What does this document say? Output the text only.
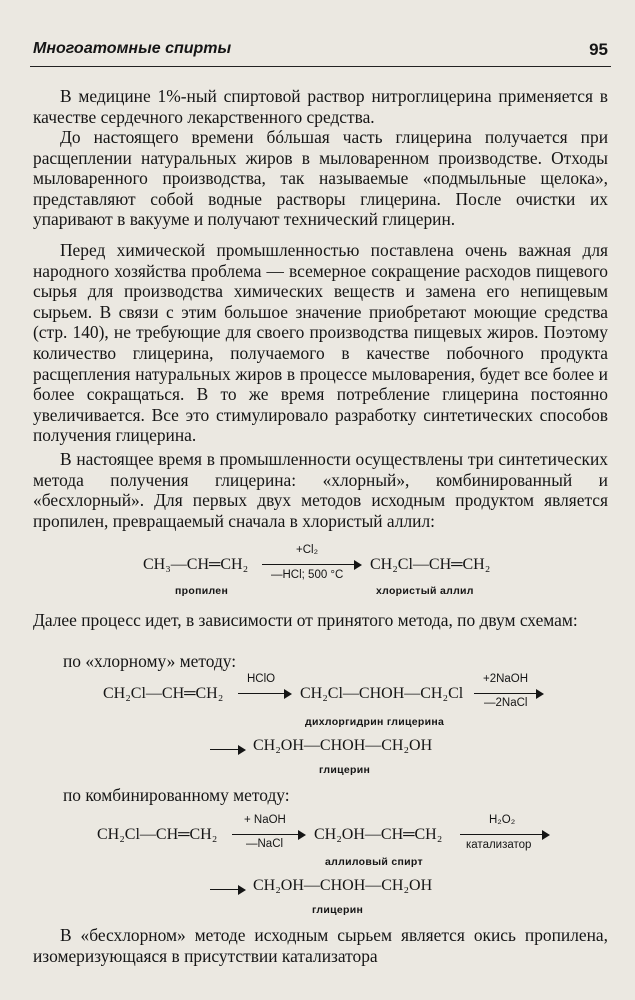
Многоатомные спирты	95

В медицине 1%-ный спиртовой раствор нитроглицерина применяется в качестве сердечного лекарственного средства.

До настоящего времени бóльшая часть глицерина получается при расщеплении натуральных жиров в мыловаренном производстве. Отходы мыловаренного производства, так называемые «подмыльные щелока», представляют собой водные растворы глицерина. После очистки их упаривают в вакууме и получают технический глицерин.

Перед химической промышленностью поставлена очень важная для народного хозяйства проблема — всемерное сокращение расходов пищевого сырья для производства химических веществ и замена его непищевым сырьем. В связи с этим большое значение приобретают моющие средства (стр. 140), не требующие для своего производства пищевых жиров. Поэтому количество глицерина, получаемого в качестве побочного продукта расщепления натуральных жиров в процессе мыловарения, будет все более и более сокращаться. В то же время потребление глицерина постоянно увеличивается. Все это стимулировало разработку синтетических способов получения глицерина.

В настоящее время в промышленности осуществлены три синтетических метода получения глицерина: «хлорный», комбинированный и «бесхлорный». Для первых двух методов исходным продуктом является пропилен, превращаемый сначала в хлористый аллил:

CH₃—CH═CH₂
пропилен
+Cl₂
—HCl; 500 °C
CH₂Cl—CH═CH₂
хлористый аллил

Далее процесс идет, в зависимости от принятого метода, по двум схемам:

по «хлорному» методу:

CH₂Cl—CH═CH₂
HClO
CH₂Cl—CHOH—CH₂Cl
дихлоргидрин глицерина
+2NaOH
—2NaCl
CH₂OH—CHOH—CH₂OH
глицерин

по комбинированному методу:

CH₂Cl—CH═CH₂
+ NaOH
—NaCl
CH₂OH—CH═CH₂
аллиловый спирт
H₂O₂
катализатор
CH₂OH—CHOH—CH₂OH
глицерин

В «бесхлорном» методе исходным сырьем является окись пропилена, изомеризующаяся в присутствии катализатора
